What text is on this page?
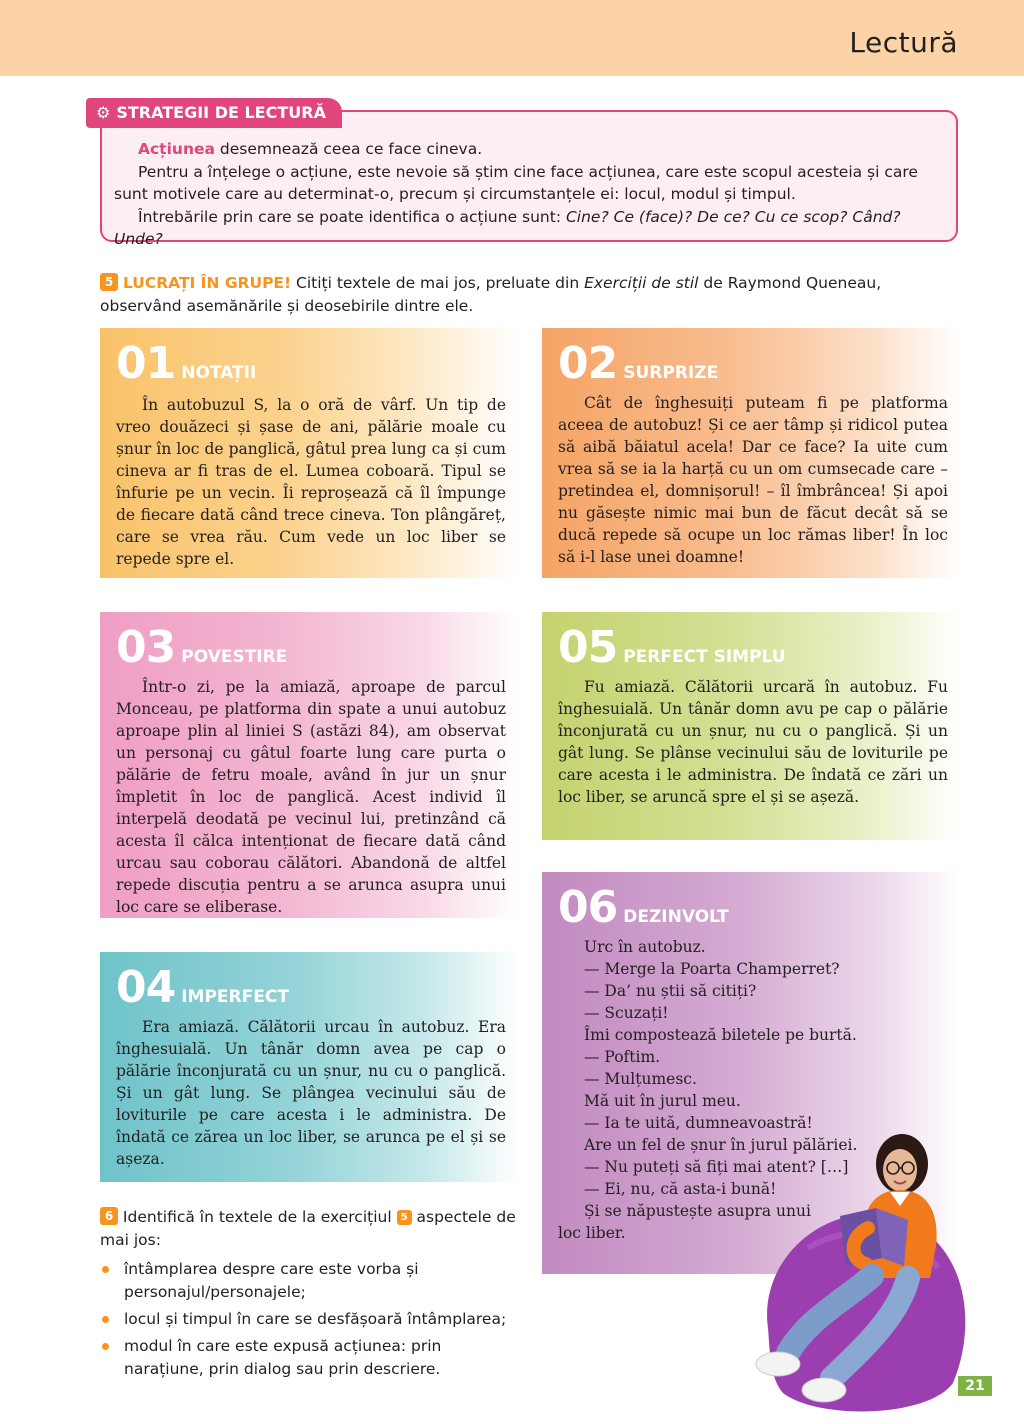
Lectură
⚙ STRATEGII DE LECTURĂ

Acțiunea desemnează ceea ce face cineva.

Pentru a înțelege o acțiune, este nevoie să știm cine face acțiunea, care este scopul acesteia și care sunt motivele care au determinat-o, precum și circumstanțele ei: locul, modul și timpul.

Întrebările prin care se poate identifica o acțiune sunt: Cine? Ce (face)? De ce? Cu ce scop? Când? Unde?

5 LUCRAȚI ÎN GRUPE! Citiți textele de mai jos, preluate din Exerciții de stil de Raymond Queneau, observând asemănările și deosebirile dintre ele.
01 NOTAȚII

În autobuzul S, la o oră de vârf. Un tip de vreo douăzeci și șase de ani, pălărie moale cu șnur în loc de panglică, gâtul prea lung ca și cum cineva ar fi tras de el. Lumea coboară. Tipul se înfurie pe un vecin. Îi reproșează că îl împunge de fiecare dată când trece cineva. Ton plângăreț, care se vrea rău. Cum vede un loc liber se repede spre el.

02 SURPRIZE

Cât de înghesuiți puteam fi pe platforma aceea de autobuz! Și ce aer tâmp și ridicol putea să aibă băiatul acela! Dar ce face? Ia uite cum vrea să se ia la harță cu un om cumsecade care – pretindea el, domnișorul! – îl îmbrâncea! Și apoi nu găsește nimic mai bun de făcut decât să se ducă repede să ocupe un loc rămas liber! În loc să i-l lase unei doamne!

03 POVESTIRE

Într-o zi, pe la amiază, aproape de parcul Monceau, pe platforma din spate a unui autobuz aproape plin al liniei S (astăzi 84), am observat un personaj cu gâtul foarte lung care purta o pălărie de fetru moale, având în jur un șnur împletit în loc de panglică. Acest individ îl interpelă deodată pe vecinul lui, pretinzând că acesta îl călca intenționat de fiecare dată când urcau sau coborau călători. Abandonă de altfel repede discuția pentru a se arunca asupra unui loc care se eliberase.

05 PERFECT SIMPLU

Fu amiază. Călătorii urcară în autobuz. Fu înghesuială. Un tânăr domn avu pe cap o pălărie înconjurată cu un șnur, nu cu o panglică. Și un gât lung. Se plânse vecinului său de loviturile pe care acesta i le administra. De îndată ce zări un loc liber, se aruncă spre el și se așeză.

04 IMPERFECT

Era amiază. Călătorii urcau în autobuz. Era înghesuială. Un tânăr domn avea pe cap o pălărie înconjurată cu un șnur, nu cu o panglică. Și un gât lung. Se plângea vecinului său de loviturile pe care acesta i le administra. De îndată ce zărea un loc liber, se arunca pe el și se așeza.

06 DEZINVOLT

Urc în autobuz.

— Merge la Poarta Champerret?

— Da’ nu știi să citiți?

— Scuzați!

Îmi compostează biletele pe burtă.

— Poftim.

— Mulțumesc.

Mă uit în jurul meu.

— Ia te uită, dumneavoastră!

Are un fel de șnur în jurul pălăriei.

— Nu puteți să fiți mai atent? […]

— Ei, nu, că asta-i bună!

Și se năpustește asupra unui

loc liber.

6 Identifică în textele de la exercițiul 5 aspectele de mai jos:
întâmplarea despre care este vorba și personajul/personajele;
locul și timpul în care se desfășoară întâmplarea;
modul în care este expusă acțiunea: prin narațiune, prin dialog sau prin descriere.
21
